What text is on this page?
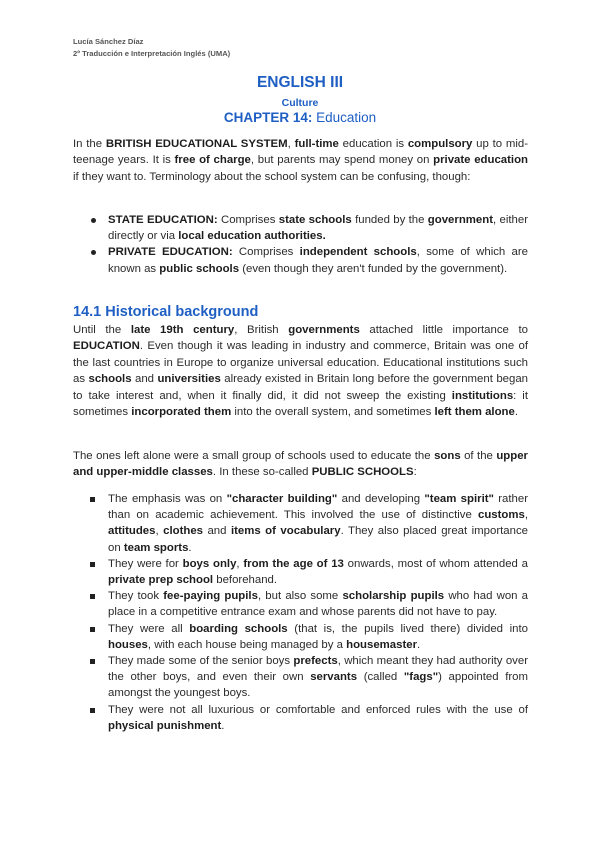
Lucía Sánchez Díaz
2º Traducción e Interpretación Inglés (UMA)
ENGLISH III
Culture
CHAPTER 14: Education
In the BRITISH EDUCATIONAL SYSTEM, full-time education is compulsory up to mid-teenage years. It is free of charge, but parents may spend money on private education if they want to. Terminology about the school system can be confusing, though:
STATE EDUCATION: Comprises state schools funded by the government, either directly or via local education authorities.
PRIVATE EDUCATION: Comprises independent schools, some of which are known as public schools (even though they aren't funded by the government).
14.1 Historical background
Until the late 19th century, British governments attached little importance to EDUCATION. Even though it was leading in industry and commerce, Britain was one of the last countries in Europe to organize universal education. Educational institutions such as schools and universities already existed in Britain long before the government began to take interest and, when it finally did, it did not sweep the existing institutions: it sometimes incorporated them into the overall system, and sometimes left them alone.
The ones left alone were a small group of schools used to educate the sons of the upper and upper-middle classes. In these so-called PUBLIC SCHOOLS:
The emphasis was on "character building" and developing "team spirit" rather than on academic achievement. This involved the use of distinctive customs, attitudes, clothes and items of vocabulary. They also placed great importance on team sports.
They were for boys only, from the age of 13 onwards, most of whom attended a private prep school beforehand.
They took fee-paying pupils, but also some scholarship pupils who had won a place in a competitive entrance exam and whose parents did not have to pay.
They were all boarding schools (that is, the pupils lived there) divided into houses, with each house being managed by a housemaster.
They made some of the senior boys prefects, which meant they had authority over the other boys, and even their own servants (called "fags") appointed from amongst the youngest boys.
They were not all luxurious or comfortable and enforced rules with the use of physical punishment.
